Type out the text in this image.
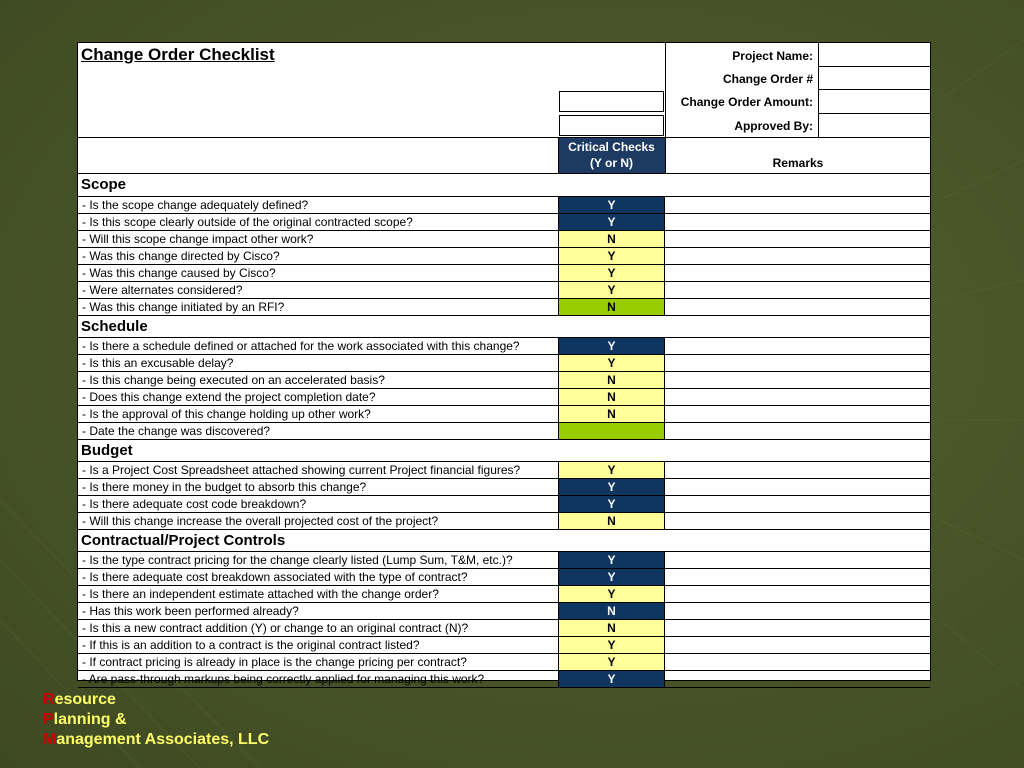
Change Order Checklist	Project Name:
Change Order #
Change Order Amount:
Approved By:
Critical Checks
(Y or N)	Remarks
Scope
- Is the scope change adequately defined?	Y
- Is this scope clearly outside of the original contracted scope?	Y
- Will this scope change impact other work?	N
- Was this change directed by Cisco?	Y
- Was this change caused by Cisco?	Y
- Were alternates considered?	Y
- Was this change initiated by an RFI?	N
Schedule
- Is there a schedule defined or attached for the work associated with this change?	Y
- Is this an excusable delay?	Y
- Is this change being executed on an accelerated basis?	N
- Does this change extend the project completion date?	N
- Is the approval of this change holding up other work?	N
- Date the change was discovered?
Budget
- Is a Project Cost Spreadsheet attached showing current Project financial figures?	Y
- Is there money in the budget to absorb this change?	Y
- Is there adequate cost code breakdown?	Y
- Will this change increase the overall projected cost of the project?	N
Contractual/Project Controls
- Is the type contract pricing for the change clearly listed (Lump Sum, T&M, etc.)?	Y
- Is there adequate cost breakdown associated with the type of contract?	Y
- Is there an independent estimate attached with the change order?	Y
- Has this work been performed already?	N
- Is this a new contract addition (Y) or change to an original contract (N)?	N
- If this is an addition to a contract is the original contract listed?	Y
- If contract pricing is already in place is the change pricing per contract?	Y
- Are pass-through markups being correctly applied for managing this work?	Y
Resource
Planning &
Management Associates, LLC
